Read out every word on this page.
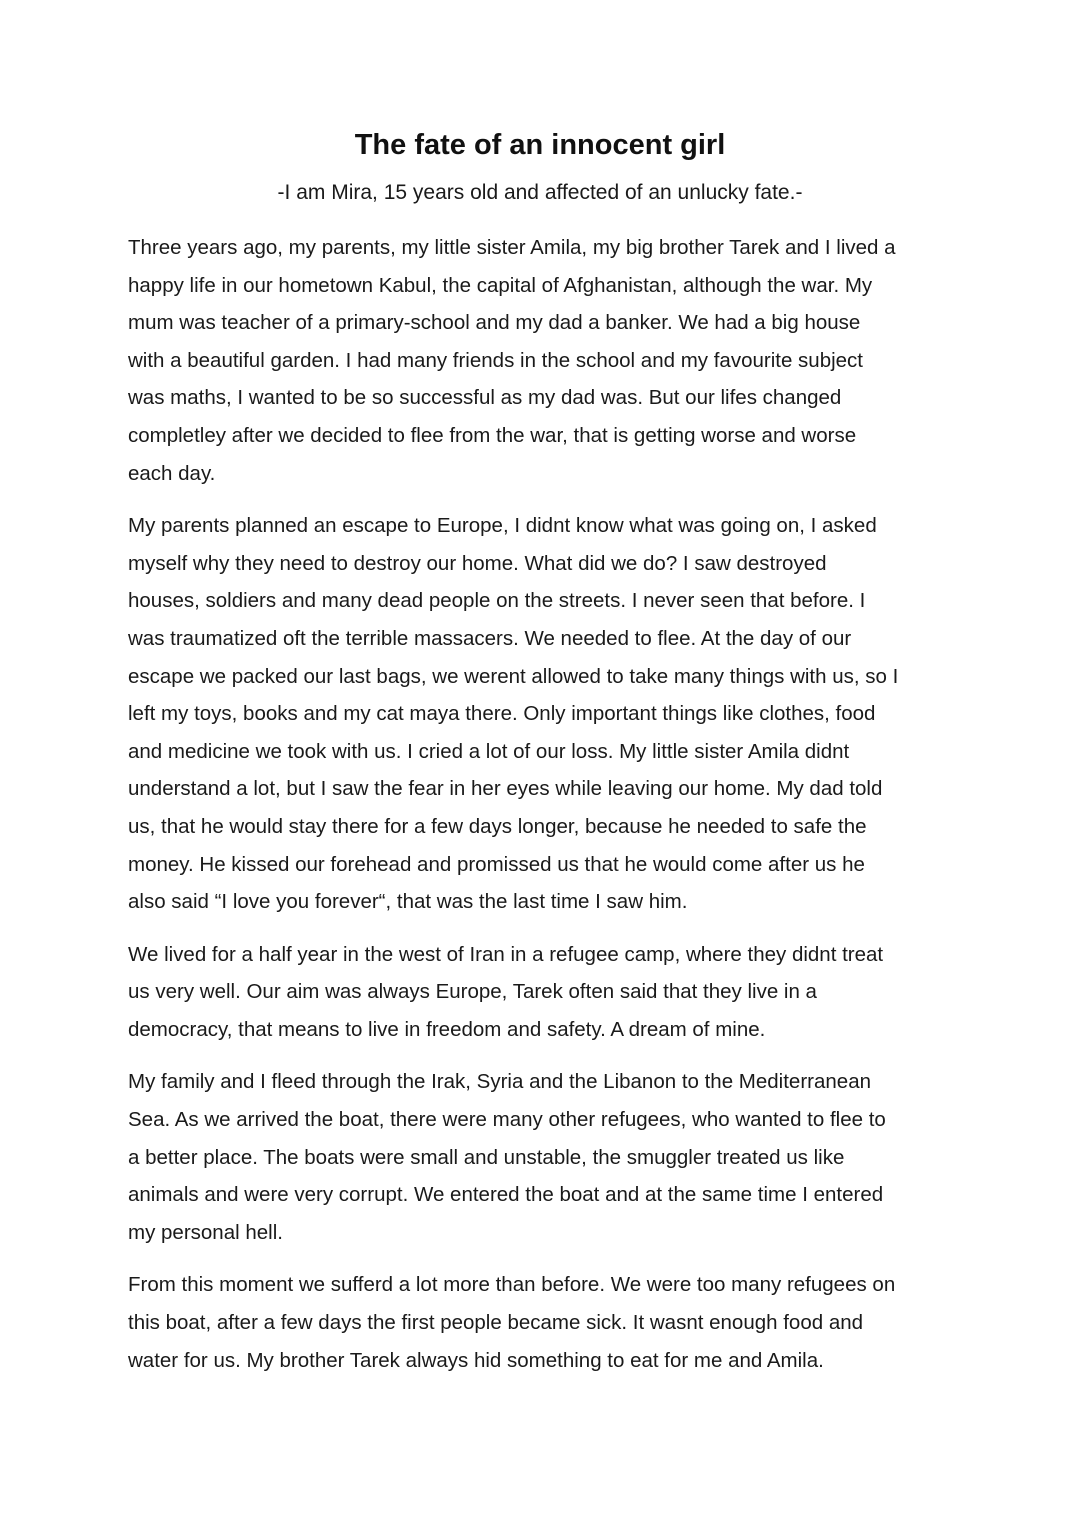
The fate of an innocent girl

-I am Mira, 15 years old and affected of an unlucky fate.-

Three years ago, my parents, my little sister Amila, my big brother Tarek and I lived a
happy life in our hometown Kabul, the capital of Afghanistan, although the war. My
mum was teacher of a primary-school and my dad a banker. We had a big house
with a beautiful garden. I had many friends in the school and my favourite subject
was maths, I wanted to be so successful as my dad was. But our lifes changed
completley after we decided to flee from the war, that is getting worse and worse
each day.

My parents planned an escape to Europe, I didnt know what was going on, I asked
myself why they need to destroy our home. What did we do? I saw destroyed
houses, soldiers and many dead people on the streets. I never seen that before. I
was traumatized oft the terrible massacers. We needed to flee. At the day of our
escape we packed our last bags, we werent allowed to take many things with us, so I
left my toys, books and my cat maya there. Only important things like clothes, food
and medicine we took with us. I cried a lot of our loss. My little sister Amila didnt
understand a lot, but I saw the fear in her eyes while leaving our home. My dad told
us, that he would stay there for a few days longer, because he needed to safe the
money. He kissed our forehead and promissed us that he would come after us he
also said “I love you forever“, that was the last time I saw him.

We lived for a half year in the west of Iran in a refugee camp, where they didnt treat
us very well. Our aim was always Europe, Tarek often said that they live in a
democracy, that means to live in freedom and safety. A dream of mine.

My family and I fleed through the Irak, Syria and the Libanon to the Mediterranean
Sea. As we arrived the boat, there were many other refugees, who wanted to flee to
a better place. The boats were small and unstable, the smuggler treated us like
animals and were very corrupt. We entered the boat and at the same time I entered
my personal hell.

From this moment we sufferd a lot more than before. We were too many refugees on
this boat, after a few days the first people became sick. It wasnt enough food and
water for us. My brother Tarek always hid something to eat for me and Amila.
